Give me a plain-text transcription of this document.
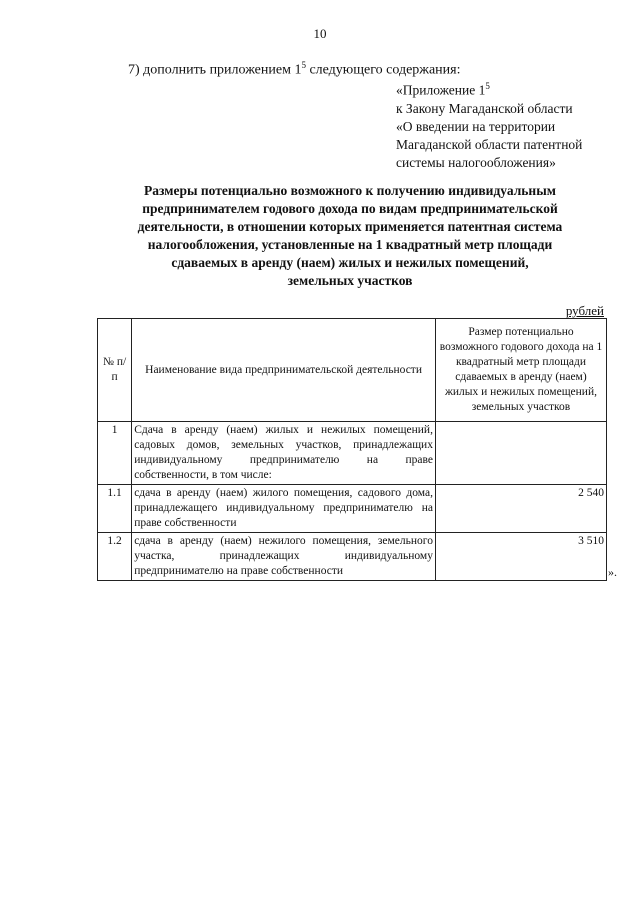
10
7) дополнить приложением $1^5$ следующего содержания:
«Приложение $1^5$
к Закону Магаданской области
«О введении на территории
Магаданской области патентной
системы налогообложения»
Размеры потенциально возможного к получению индивидуальным
предпринимателем годового дохода по видам предпринимательской
деятельности, в отношении которых применяется патентная система
налогообложения, установленные на 1 квадратный метр площади
сдаваемых в аренду (наем) жилых и нежилых помещений,
земельных участков
рублей
№ п/п	Наименование вида предпринимательской деятельности	Размер потенциально возможного годового дохода на 1 квадратный метр площади сдаваемых в аренду (наем) жилых и нежилых помещений, земельных участков
1	Сдача в аренду (наем) жилых и нежилых помещений, садовых домов, земельных участков, принадлежащих индивидуальному предпринимателю на праве собственности, в том числе:	
1.1	сдача в аренду (наем) жилого помещения, садового дома, принадлежащего индивидуальному предпринимателю на праве собственности	2 540
1.2	сдача в аренду (наем) нежилого помещения, земельного участка, принадлежащих индивидуальному предпринимателю на праве собственности	3 510
».
